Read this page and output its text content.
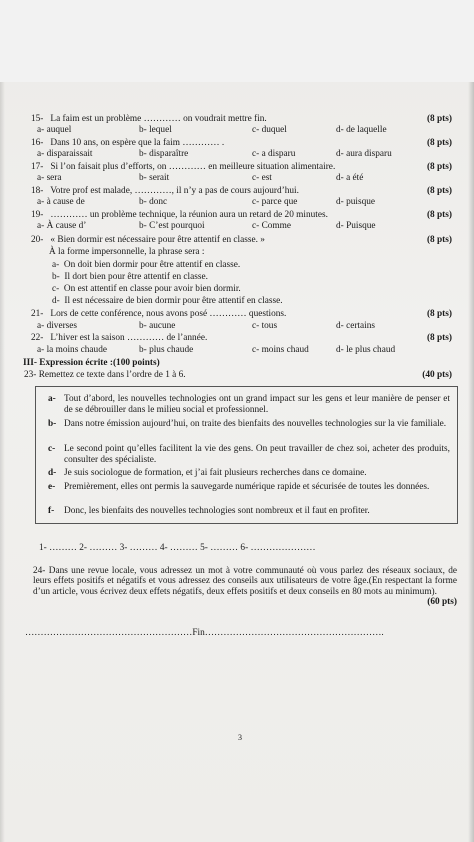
15- La faim est un problème ………… on voudrait mettre fin.	(8 pts)
a- auquel	b- lequel	c- duquel	d- de laquelle
16- Dans 10 ans, on espère que la faim ………… .	(8 pts)
a- disparaissait	b- disparaître	c- a disparu	d- aura disparu
17- Si l’on faisait plus d’efforts, on ………… en meilleure situation alimentaire.	(8 pts)
a- sera	b- serait	c- est	d- a été
18- Votre prof est malade, …………, il n’y a pas de cours aujourd’hui.	(8 pts)
a- à cause de	b- donc	c- parce que	d- puisque
19- ………… un problème technique, la réunion aura un retard de 20 minutes.	(8 pts)
a- À cause d’	b- C’est pourquoi	c- Comme	d- Puisque
20- « Bien dormir est nécessaire pour être attentif en classe. »	(8 pts)
À la forme impersonnelle, la phrase sera :
a- On doit bien dormir pour être attentif en classe.
b- Il dort bien pour être attentif en classe.
c- On est attentif en classe pour avoir bien dormir.
d- Il est nécessaire de bien dormir pour être attentif en classe.
21- Lors de cette conférence, nous avons posé ………… questions.	(8 pts)
a- diverses	b- aucune	c- tous	d- certains
22- L’hiver est la saison ………… de l’année.	(8 pts)
a- la moins chaude	b- plus chaude	c- moins chaud	d- le plus chaud
III- Expression écrite :(100 points)
23- Remettez ce texte dans l’ordre de 1 à 6.	(40 pts)
a- Tout d’abord, les nouvelles technologies ont un grand impact sur les gens et leur manière de penser et de se débrouiller dans le milieu social et professionnel.
b- Dans notre émission aujourd’hui, on traite des bienfaits des nouvelles technologies sur la vie familiale.
c- Le second point qu’elles facilitent la vie des gens. On peut travailler de chez soi, acheter des produits, consulter des spécialiste.
d- Je suis sociologue de formation, et j’ai fait plusieurs recherches dans ce domaine.
e- Premièrement, elles ont permis la sauvegarde numérique rapide et sécurisée de toutes les données.
f- Donc, les bienfaits des nouvelles technologies sont nombreux et il faut en profiter.
1- ……… 2- ……… 3- ……… 4- ……… 5- ……… 6- …………………
24- Dans une revue locale, vous adressez un mot à votre communauté où vous parlez des réseaux sociaux, de leurs effets positifs et négatifs et vous adressez des conseils aux utilisateurs de votre âge.(En respectant la forme d’un article, vous écrivez deux effets négatifs, deux effets positifs et deux conseils en 80 mots au minimum).
(60 pts)
………………………………………………Fin………………………………………………….
3
